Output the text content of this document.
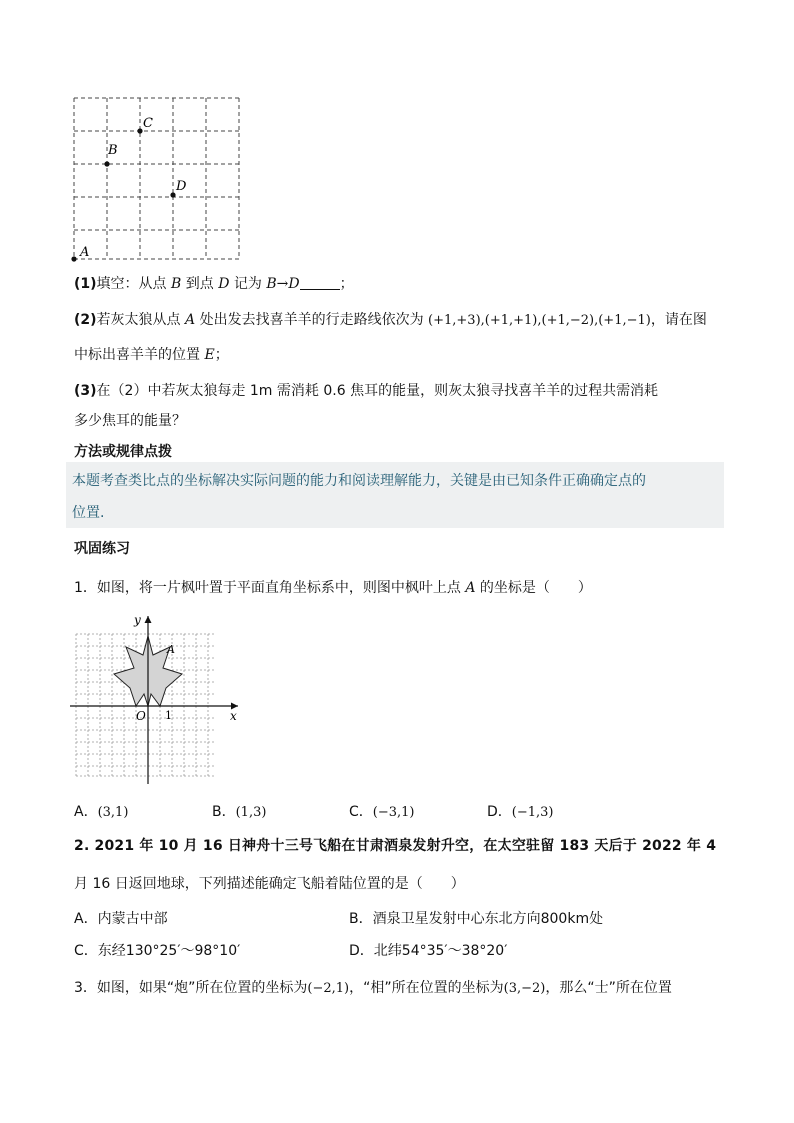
A
B
C
D
(1)填空：从点 B 到点 D 记为 B→D	；
(2)若灰太狼从点 A 处出发去找喜羊羊的行走路线依次为 (+1,+3),(+1,+1),(+1,−2),(+1,−1)，请在图
中标出喜羊羊的位置 E；
(3)在（2）中若灰太狼每走 1m 需消耗 0.6 焦耳的能量，则灰太狼寻找喜羊羊的过程共需消耗
多少焦耳的能量？
方法或规律点拨
本题考查类比点的坐标解决实际问题的能力和阅读理解能力，关键是由已知条件正确确定点的
位置.
巩固练习
1．如图，将一片枫叶置于平面直角坐标系中，则图中枫叶上点 A 的坐标是（　　）
y
x
O 1
A
A．(3,1)	B．(1,3)	C．(−3,1)	D．(−1,3)
2. 2021 年 10 月 16 日神舟十三号飞船在甘肃酒泉发射升空，在太空驻留 183 天后于 2022 年 4
月 16 日返回地球，下列描述能确定飞船着陆位置的是（　　）
A．内蒙古中部	B．酒泉卫星发射中心东北方向800km处
C．东经130°25′～98°10′	D．北纬54°35′～38°20′
3．如图，如果“炮”所在位置的坐标为(−2,1)，“相”所在位置的坐标为(3,−2)，那么“士”所在位置
